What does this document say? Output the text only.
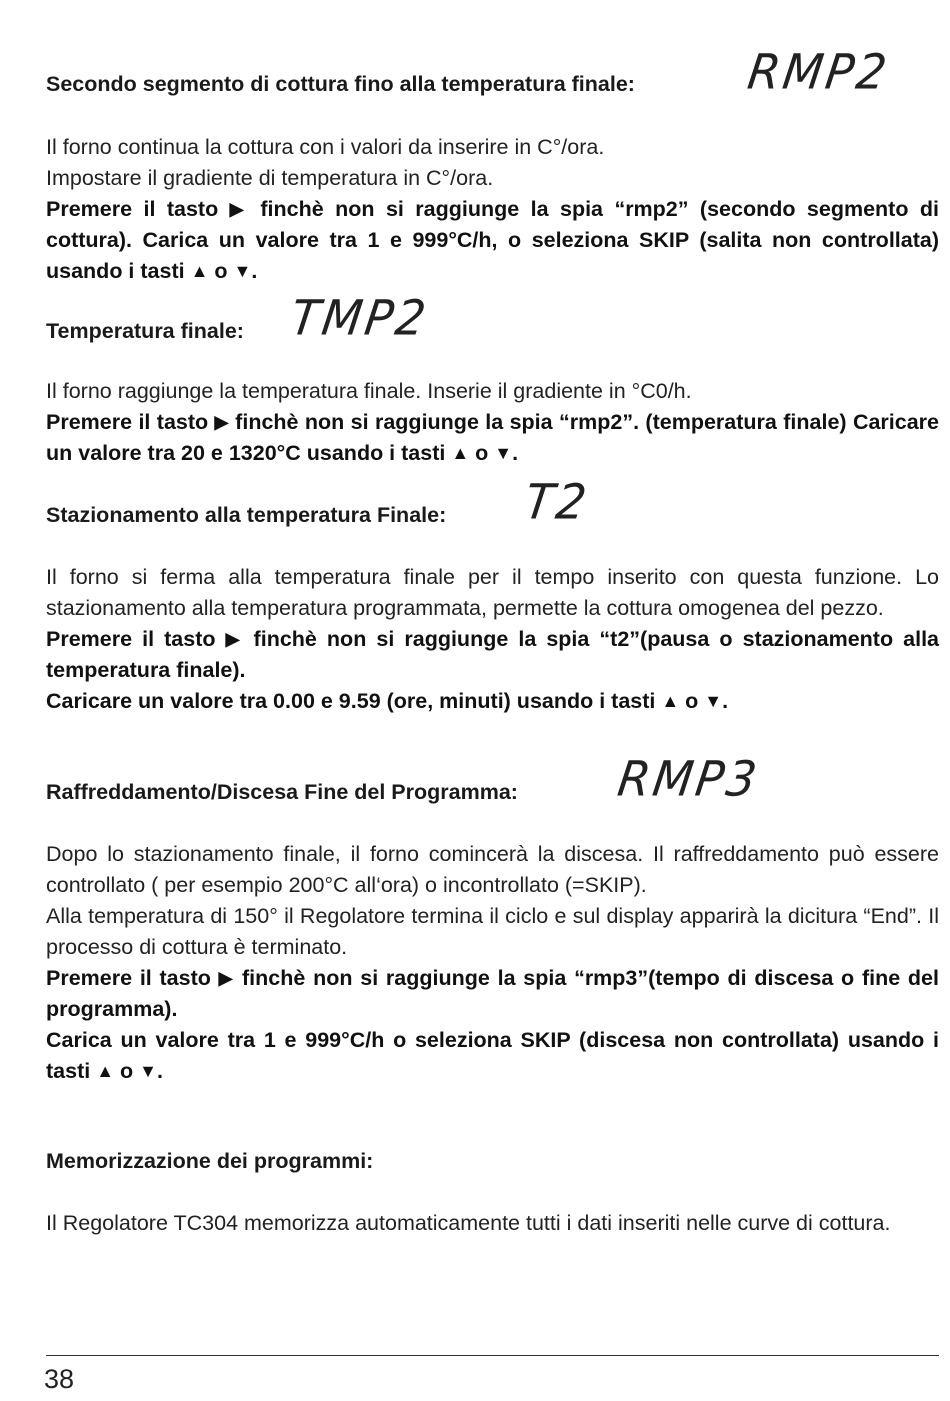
Secondo segmento di cottura fino alla temperatura finale: RMP2

Il forno continua la cottura con i valori da inserire in C°/ora.

Impostare il gradiente di temperatura in C°/ora.

Premere il tasto ▶ finchè non si raggiunge la spia “rmp2” (secondo segmento di cottura). Carica un valore tra 1 e 999°C/h, o seleziona SKIP (salita non controllata) usando i tasti ▲ o ▼.

Temperatura finale: TMP2

Il forno raggiunge la temperatura finale. Inserie il gradiente in °C0/h.

Premere il tasto ▶ finchè non si raggiunge la spia “rmp2”. (temperatura finale) Caricare un valore tra 20 e 1320°C usando i tasti ▲ o ▼.

Stazionamento alla temperatura Finale: T2

Il forno si ferma alla temperatura finale per il tempo inserito con questa funzione. Lo stazionamento alla temperatura programmata, permette la cottura omogenea del pezzo.

Premere il tasto ▶ finchè non si raggiunge la spia “t2”(pausa o stazionamento alla temperatura finale).

Caricare un valore tra 0.00 e 9.59 (ore, minuti) usando i tasti ▲ o ▼.

Raffreddamento/Discesa Fine del Programma: RMP3

Dopo lo stazionamento finale, il forno comincerà la discesa. Il raffreddamento può essere controllato ( per esempio 200°C all‘ora) o incontrollato (=SKIP).

Alla temperatura di 150° il Regolatore termina il ciclo e sul display apparirà la dicitura “End”. Il processo di cottura è terminato.

Premere il tasto ▶ finchè non si raggiunge la spia “rmp3”(tempo di discesa o fine del programma).

Carica un valore tra 1 e 999°C/h o seleziona SKIP (discesa non controllata) usando i tasti ▲ o ▼.

Memorizzazione dei programmi:

Il Regolatore TC304 memorizza automaticamente tutti i dati inseriti nelle curve di cottura.

38
